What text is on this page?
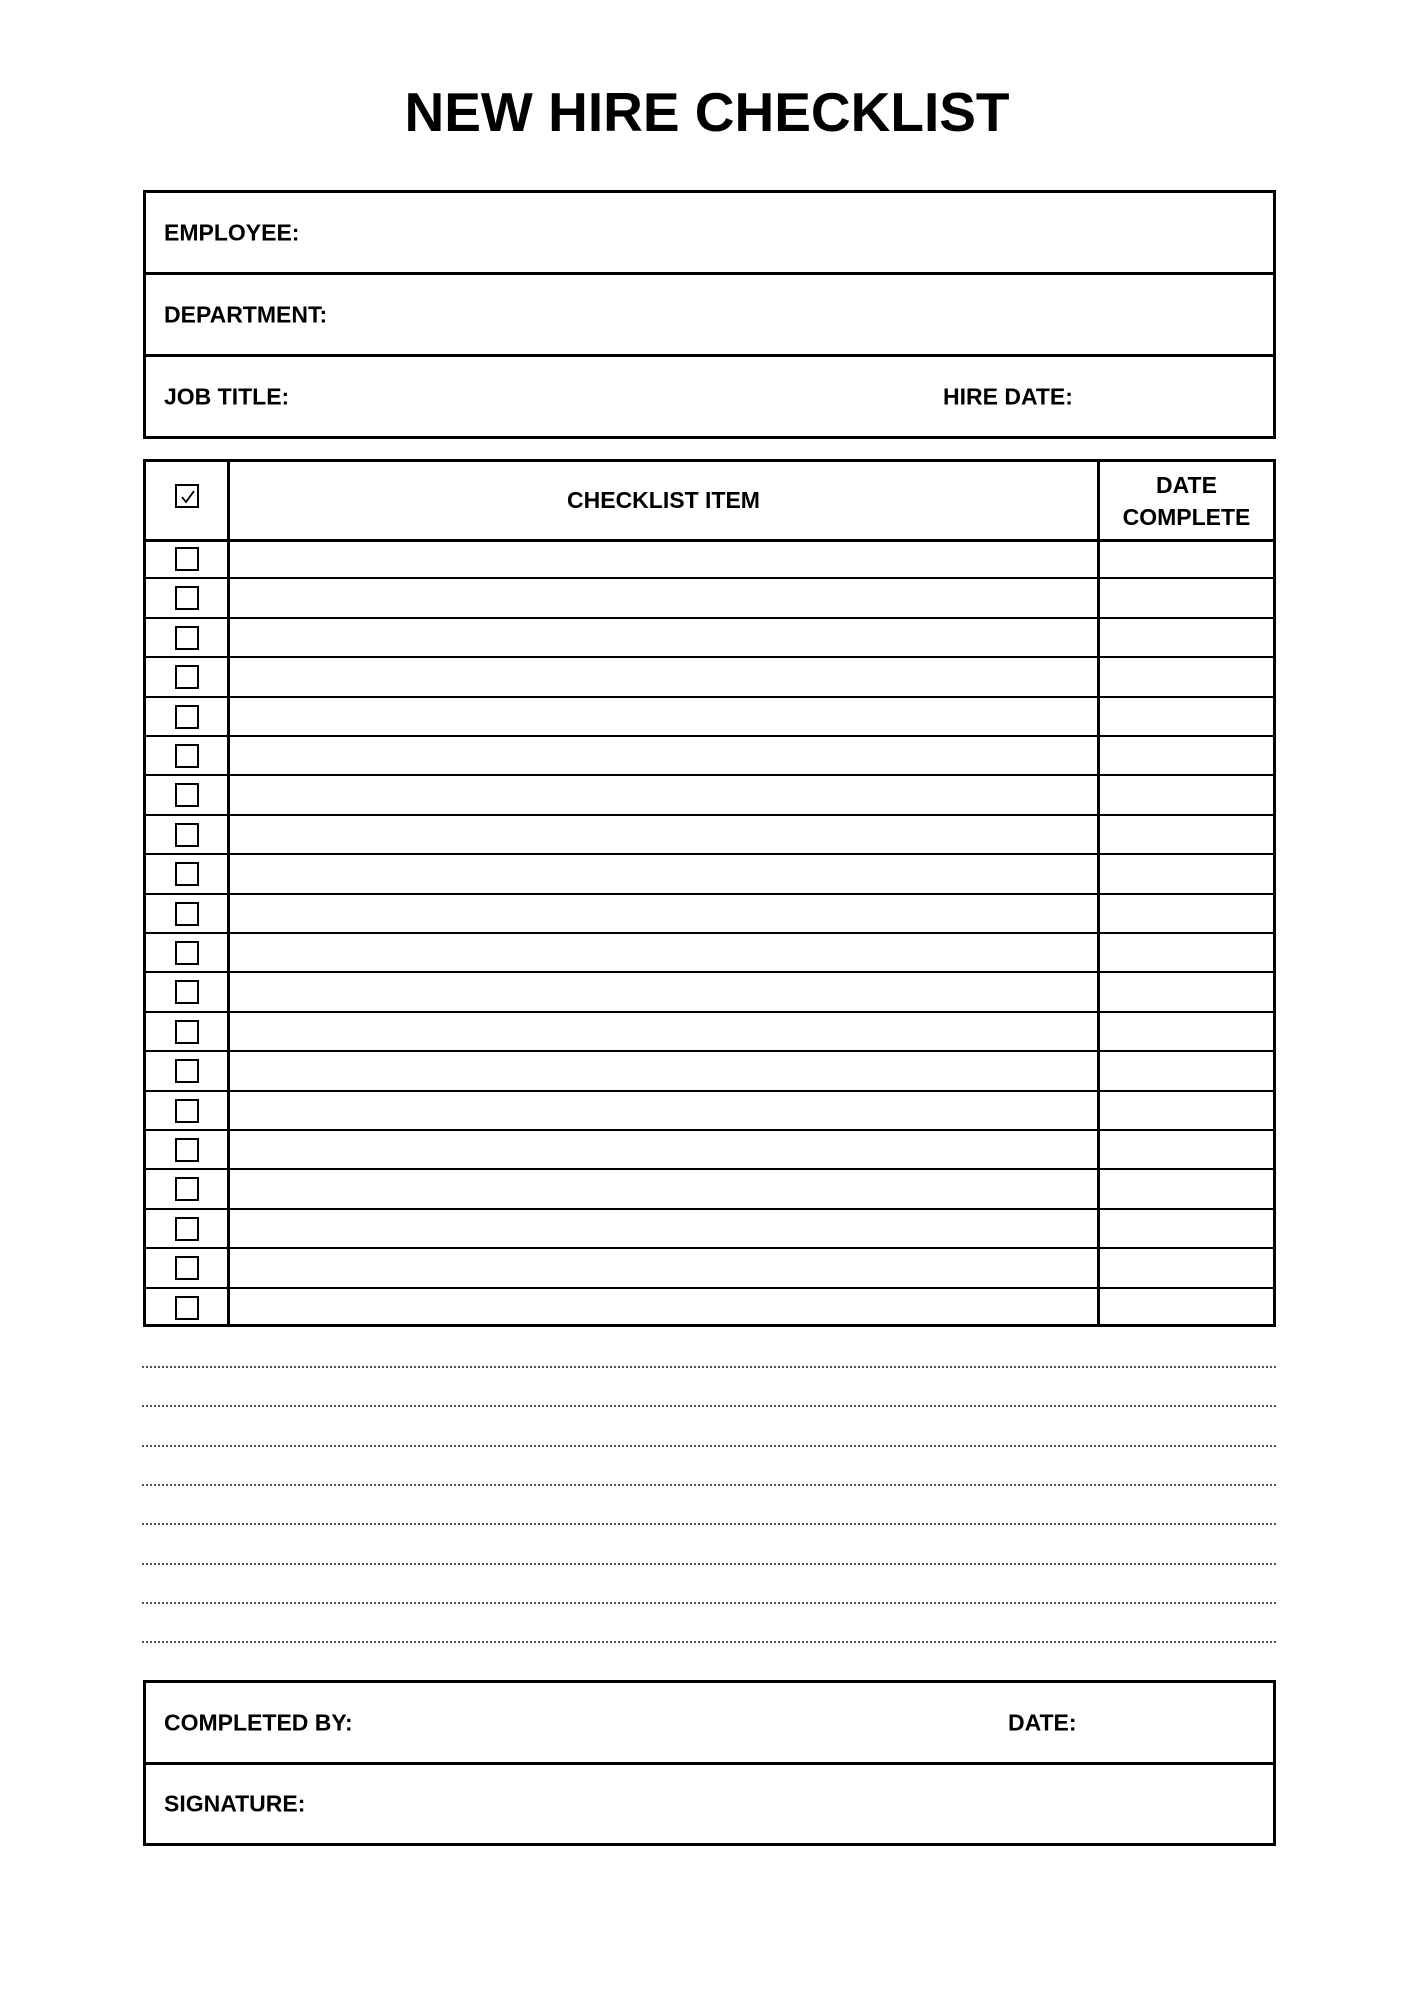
NEW HIRE CHECKLIST
EMPLOYEE:
DEPARTMENT:
JOB TITLE:	HIRE DATE:
CHECKLIST ITEM
DATE
COMPLETE
COMPLETED BY:	DATE:
SIGNATURE:
